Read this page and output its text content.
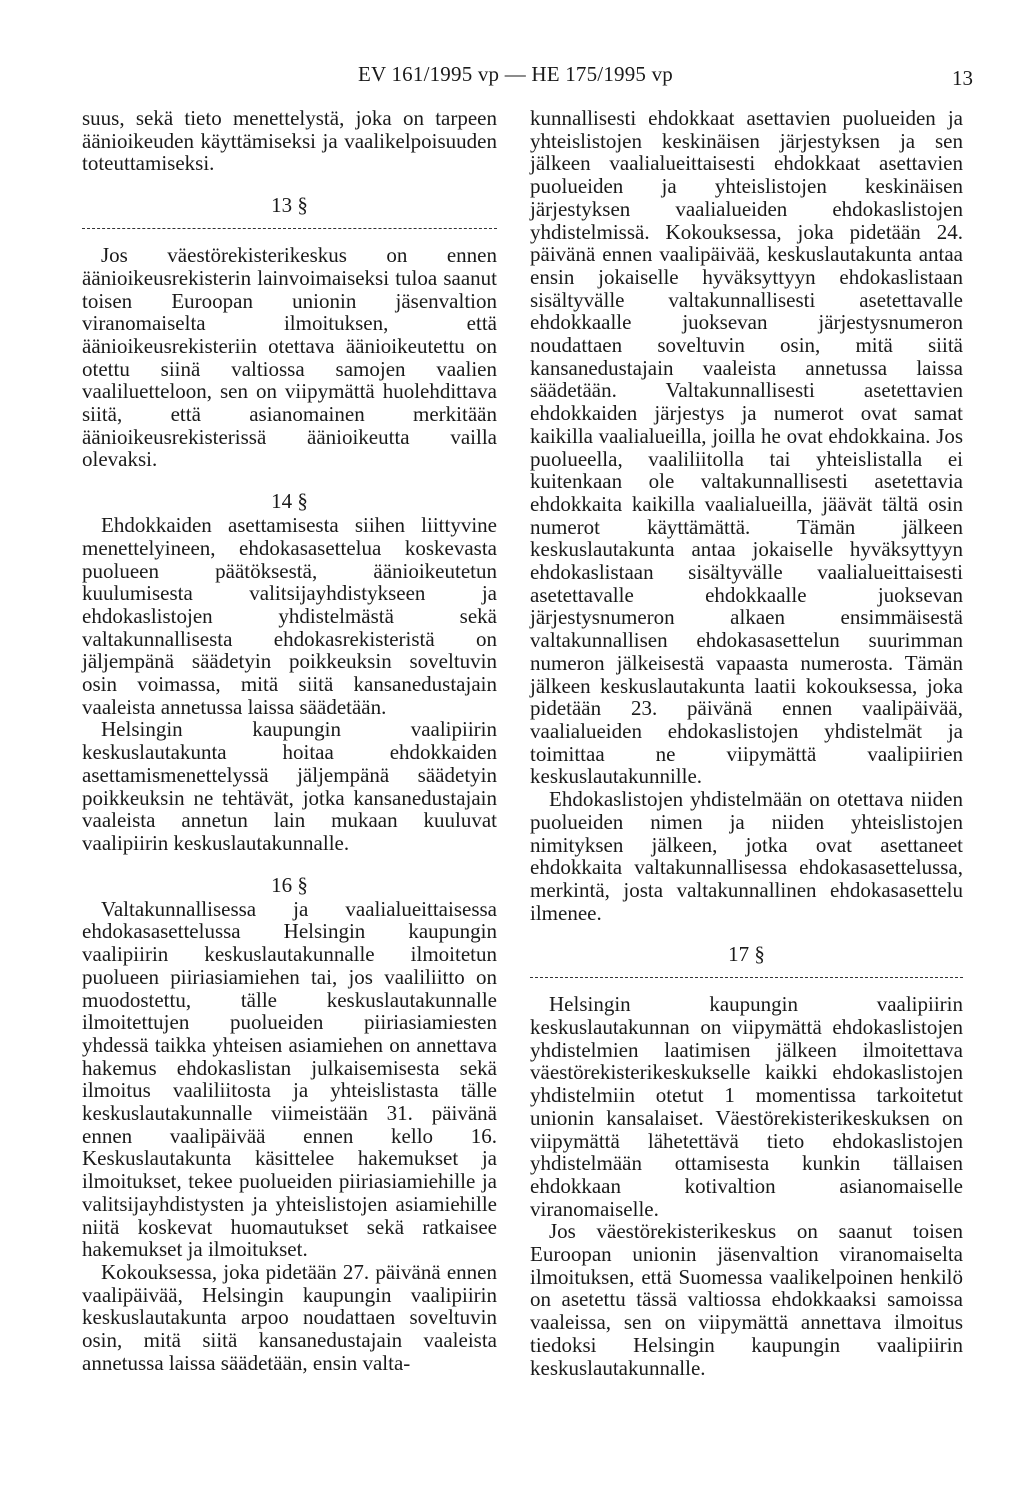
EV 161/1995 vp — HE 175/1995 vp	13

suus, sekä tieto menettelystä, joka on tarpeen äänioikeuden käyttämiseksi ja vaalikelpoisuuden toteuttamiseksi.

13 §

Jos väestörekisterikeskus on ennen äänioikeusrekisterin lainvoimaiseksi tuloa saanut toisen Euroopan unionin jäsenvaltion viranomaiselta ilmoituksen, että äänioikeusrekisteriin otettava äänioikeutettu on otettu siinä valtiossa samojen vaalien vaaliluetteloon, sen on viipymättä huolehdittava siitä, että asianomainen merkitään äänioikeusrekisterissä äänioikeutta vailla olevaksi.

14 §

Ehdokkaiden asettamisesta siihen liittyvine menettelyineen, ehdokasasettelua koskevasta puolueen päätöksestä, äänioikeutetun kuulumisesta valitsijayhdistykseen ja ehdokaslistojen yhdistelmästä sekä valtakunnallisesta ehdokasrekisteristä on jäljempänä säädetyin poikkeuksin soveltuvin osin voimassa, mitä siitä kansanedustajain vaaleista annetussa laissa säädetään.

Helsingin kaupungin vaalipiirin keskuslautakunta hoitaa ehdokkaiden asettamismenettelyssä jäljempänä säädetyin poikkeuksin ne tehtävät, jotka kansanedustajain vaaleista annetun lain mukaan kuuluvat vaalipiirin keskuslautakunnalle.

16 §

Valtakunnallisessa ja vaalialueittaisessa ehdokasasettelussa Helsingin kaupungin vaalipiirin keskuslautakunnalle ilmoitetun puolueen piiriasiamiehen tai, jos vaaliliitto on muodostettu, tälle keskuslautakunnalle ilmoitettujen puolueiden piiriasiamiesten yhdessä taikka yhteisen asiamiehen on annettava hakemus ehdokaslistan julkaisemisesta sekä ilmoitus vaaliliitosta ja yhteislistasta tälle keskuslautakunnalle viimeistään 31. päivänä ennen vaalipäivää ennen kello 16. Keskuslautakunta käsittelee hakemukset ja ilmoitukset, tekee puolueiden piiriasiamiehille ja valitsijayhdistysten ja yhteislistojen asiamiehille niitä koskevat huomautukset sekä ratkaisee hakemukset ja ilmoitukset.

Kokouksessa, joka pidetään 27. päivänä ennen vaalipäivää, Helsingin kaupungin vaalipiirin keskuslautakunta arpoo noudattaen soveltuvin osin, mitä siitä kansanedustajain vaaleista annetussa laissa säädetään, ensin valta-

kunnallisesti ehdokkaat asettavien puolueiden ja yhteislistojen keskinäisen järjestyksen ja sen jälkeen vaalialueittaisesti ehdokkaat asettavien puolueiden ja yhteislistojen keskinäisen järjestyksen vaalialueiden ehdokaslistojen yhdistelmissä. Kokouksessa, joka pidetään 24. päivänä ennen vaalipäivää, keskuslautakunta antaa ensin jokaiselle hyväksyttyyn ehdokaslistaan sisältyvälle valtakunnallisesti asetettavalle ehdokkaalle juoksevan järjestysnumeron noudattaen soveltuvin osin, mitä siitä kansanedustajain vaaleista annetussa laissa säädetään. Valtakunnallisesti asetettavien ehdokkaiden järjestys ja numerot ovat samat kaikilla vaalialueilla, joilla he ovat ehdokkaina. Jos puolueella, vaaliliitolla tai yhteislistalla ei kuitenkaan ole valtakunnallisesti asetettavia ehdokkaita kaikilla vaalialueilla, jäävät tältä osin numerot käyttämättä. Tämän jälkeen keskuslautakunta antaa jokaiselle hyväksyttyyn ehdokaslistaan sisältyvälle vaalialueittaisesti asetettavalle ehdokkaalle juoksevan järjestysnumeron alkaen ensimmäisestä valtakunnallisen ehdokasasettelun suurimman numeron jälkeisestä vapaasta numerosta. Tämän jälkeen keskuslautakunta laatii kokouksessa, joka pidetään 23. päivänä ennen vaalipäivää, vaalialueiden ehdokaslistojen yhdistelmät ja toimittaa ne viipymättä vaalipiirien keskuslautakunnille.

Ehdokaslistojen yhdistelmään on otettava niiden puolueiden nimen ja niiden yhteislistojen nimityksen jälkeen, jotka ovat asettaneet ehdokkaita valtakunnallisessa ehdokasasettelussa, merkintä, josta valtakunnallinen ehdokasasettelu ilmenee.

17 §

Helsingin kaupungin vaalipiirin keskuslautakunnan on viipymättä ehdokaslistojen yhdistelmien laatimisen jälkeen ilmoitettava väestörekisterikeskukselle kaikki ehdokaslistojen yhdistelmiin otetut 1 momentissa tarkoitetut unionin kansalaiset. Väestörekisterikeskuksen on viipymättä lähetettävä tieto ehdokaslistojen yhdistelmään ottamisesta kunkin tällaisen ehdokkaan kotivaltion asianomaiselle viranomaiselle.

Jos väestörekisterikeskus on saanut toisen Euroopan unionin jäsenvaltion viranomaiselta ilmoituksen, että Suomessa vaalikelpoinen henkilö on asetettu tässä valtiossa ehdokkaaksi samoissa vaaleissa, sen on viipymättä annettava ilmoitus tiedoksi Helsingin kaupungin vaalipiirin keskuslautakunnalle.
